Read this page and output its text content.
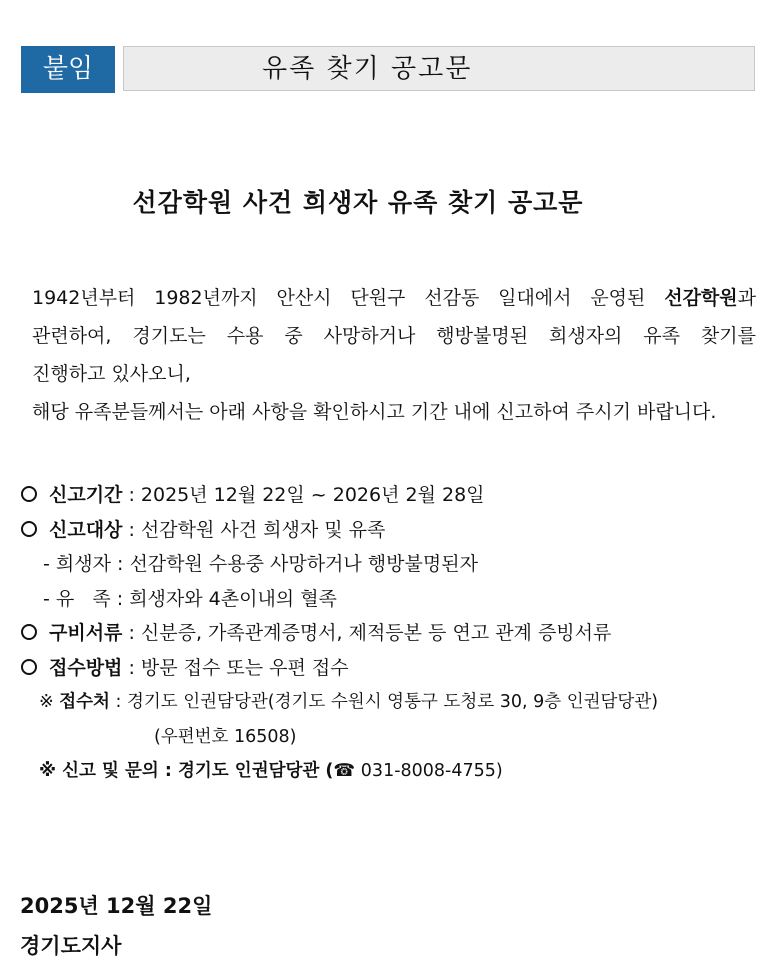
붙임	유족 찾기 공고문
선감학원 사건 희생자 유족 찾기 공고문
1942년부터 1982년까지 안산시 단원구 선감동 일대에서 운영된 선감학원과
관련하여, 경기도는 수용 중 사망하거나 행방불명된 희생자의 유족 찾기를
진행하고 있사오니,
해당 유족분들께서는 아래 사항을 확인하시고 기간 내에 신고하여 주시기 바랍니다.
신고기간 : 2025년 12월 22일 ~ 2026년 2월 28일
신고대상 : 선감학원 사건 희생자 및 유족
- 희생자 : 선감학원 수용중 사망하거나 행방불명된자
- 유   족 : 희생자와 4촌이내의 혈족
구비서류 : 신분증, 가족관계증명서, 제적등본 등 연고 관계 증빙서류
접수방법 : 방문 접수 또는 우편 접수
※ 접수처 : 경기도 인권담당관(경기도 수원시 영통구 도청로 30, 9층 인권담당관)
(우편번호 16508)
※ 신고 및 문의 : 경기도 인권담당관 (☎ 031-8008-4755)
2025년 12월 22일
경기도지사
